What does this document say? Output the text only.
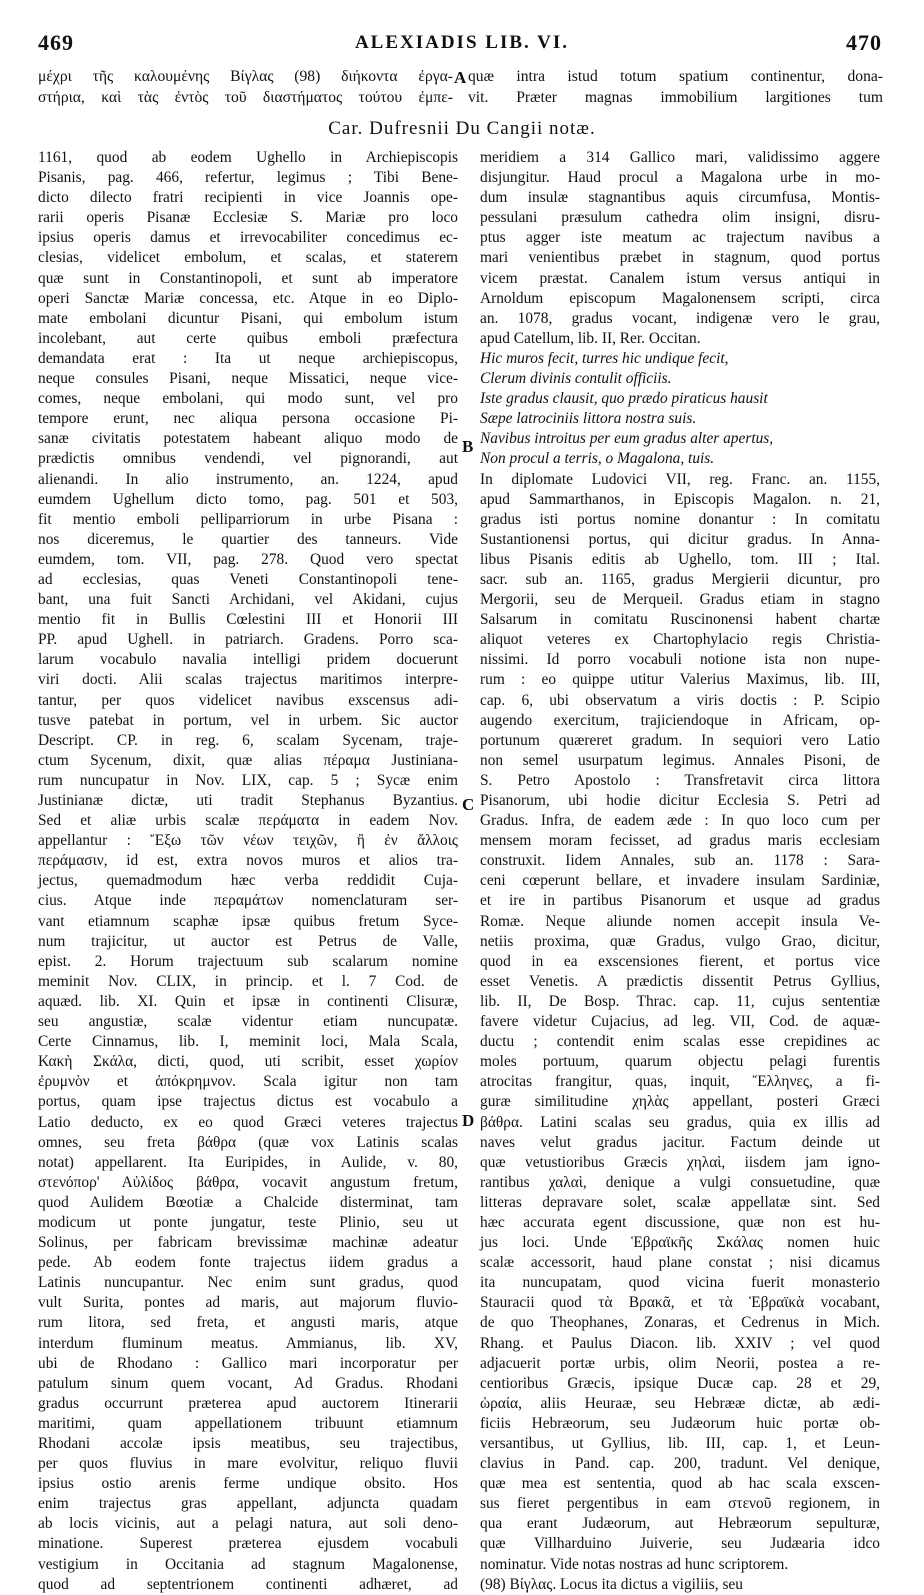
469	ALEXIADIS LIB. VI.	470
μέχρι τῆς καλουμένης Βίγλας (98) διήκοντα ἐργα-
στήρια, καὶ τὰς ἐντὸς τοῦ διαστήματος τούτου ἐμπε-
A quæ intra istud totum spatium continentur, dona-
vit. Præter magnas immobilium largitiones tum
Car. Dufresnii Du Cangii notæ.
1161, quod ab eodem Ughello in Archiepiscopis
Pisanis, pag. 466, refertur, legimus ; Tibi Bene-
dicto dilecto fratri recipienti in vice Joannis ope-
rarii operis Pisanæ Ecclesiæ S. Mariæ pro loco
ipsius operis damus et irrevocabiliter concedimus ec-
clesias, videlicet embolum, et scalas, et staterem
quæ sunt in Constantinopoli, et sunt ab imperatore
operi Sanctæ Mariæ concessa, etc. Atque in eo Diplo-
mate embolani dicuntur Pisani, qui embolum istum
incolebant, aut certe quibus emboli præfectura
demandata erat : Ita ut neque archiepiscopus,
neque consules Pisani, neque Missatici, neque vice-
comes, neque embolani, qui modo sunt, vel pro
tempore erunt, nec aliqua persona occasione Pi-
sanæ civitatis potestatem habeant aliquo modo de
prædictis omnibus vendendi, vel pignorandi, aut
alienandi. In alio instrumento, an. 1224, apud
eumdem Ughellum dicto tomo, pag. 501 et 503,
fit mentio emboli pelliparriorum in urbe Pisana :
nos diceremus, le quartier des tanneurs. Vide
eumdem, tom. VII, pag. 278. Quod vero spectat
ad ecclesias, quas Veneti Constantinopoli tene-
bant, una fuit Sancti Archidani, vel Akidani, cujus
mentio fit in Bullis Cœlestini III et Honorii III
PP. apud Ughell. in patriarch. Gradens. Porro sca-
larum vocabulo navalia intelligi pridem docuerunt
viri docti. Alii scalas trajectus maritimos interpre-
tantur, per quos videlicet navibus exscensus adi-
tusve patebat in portum, vel in urbem. Sic auctor
Descript. CP. in reg. 6, scalam Sycenam, traje-
ctum Sycenum, dixit, quæ alias πέραμα Justiniana-
rum nuncupatur in Nov. LIX, cap. 5 ; Sycæ enim
Justinianæ dictæ, uti tradit Stephanus Byzantius.
Sed et aliæ urbis scalæ περάματα in eadem Nov.
appellantur : Ἔξω τῶν νέων τειχῶν, ἢ ἐν ἄλλοις
περάμασιν, id est, extra novos muros et alios tra-
jectus, quemadmodum hæc verba reddidit Cuja-
cius. Atque inde περαμάτων nomenclaturam ser-
vant etiamnum scaphæ ipsæ quibus fretum Syce-
num trajicitur, ut auctor est Petrus de Valle,
epist. 2. Horum trajectuum sub scalarum nomine
meminit Nov. CLIX, in princip. et l. 7 Cod. de
aquæd. lib. XI. Quin et ipsæ in continenti Clisuræ,
seu angustiæ, scalæ videntur etiam nuncupatæ.
Certe Cinnamus, lib. I, meminit loci, Mala Scala,
Κακὴ Σκάλα, dicti, quod, uti scribit, esset χωρίον
ἐρυμνὸν et ἀπόκρημνον. Scala igitur non tam
portus, quam ipse trajectus dictus est vocabulo a
Latio deducto, ex eo quod Græci veteres trajectus
omnes, seu freta βάθρα (quæ vox Latinis scalas
notat) appellarent. Ita Euripides, in Aulide, v. 80,
στενόπορ' Αὐλίδος βάθρα, vocavit angustum fretum,
quod Aulidem Bœotiæ a Chalcide disterminat, tam
modicum ut ponte jungatur, teste Plinio, seu ut
Solinus, per fabricam brevissimæ machinæ adeatur
pede. Ab eodem fonte trajectus iidem gradus a
Latinis nuncupantur. Nec enim sunt gradus, quod
vult Surita, pontes ad maris, aut majorum fluvio-
rum litora, sed freta, et angusti maris, atque
interdum fluminum meatus. Ammianus, lib. XV,
ubi de Rhodano : Gallico mari incorporatur per
patulum sinum quem vocant, Ad Gradus. Rhodani
gradus occurrunt præterea apud auctorem Itinerarii
maritimi, quam appellationem tribuunt etiamnum
Rhodani accolæ ipsis meatibus, seu trajectibus,
per quos fluvius in mare evolvitur, reliquo fluvii
ipsius ostio arenis ferme undique obsito. Hos
enim trajectus gras appellant, adjuncta quadam
ab locis vicinis, aut a pelagi natura, aut soli deno-
minatione. Superest præterea ejusdem vocabuli
vestigium in Occitania ad stagnum Magalonense,
quod ad septentrionem continenti adhæret, ad
B
C
D
meridiem a 314 Gallico mari, validissimo aggere
disjungitur. Haud procul a Magalona urbe in mo-
dum insulæ stagnantibus aquis circumfusa, Montis-
pessulani præsulum cathedra olim insigni, disru-
ptus agger iste meatum ac trajectum navibus a
mari venientibus præbet in stagnum, quod portus
vicem præstat. Canalem istum versus antiqui in
Arnoldum episcopum Magalonensem scripti, circa
an. 1078, gradus vocant, indigenæ vero le grau,
apud Catellum, lib. II, Rer. Occitan.
Hic muros fecit, turres hic undique fecit,
Clerum divinis contulit officiis.
Iste gradus clausit, quo prædo piraticus hausit
Sæpe latrociniis littora nostra suis.
Navibus introitus per eum gradus alter apertus,
Non procul a terris, o Magalona, tuis.
In diplomate Ludovici VII, reg. Franc. an. 1155,
apud Sammarthanos, in Episcopis Magalon. n. 21,
gradus isti portus nomine donantur : In comitatu
Sustantionensi portus, qui dicitur gradus. In Anna-
libus Pisanis editis ab Ughello, tom. III ; Ital.
sacr. sub an. 1165, gradus Mergierii dicuntur, pro
Mergorii, seu de Merqueil. Gradus etiam in stagno
Salsarum in comitatu Ruscinonensi habent chartæ
aliquot veteres ex Chartophylacio regis Christia-
nissimi. Id porro vocabuli notione ista non nupe-
rum : eo quippe utitur Valerius Maximus, lib. III,
cap. 6, ubi observatum a viris doctis : P. Scipio
augendo exercitum, trajiciendoque in Africam, op-
portunum quæreret gradum. In sequiori vero Latio
non semel usurpatum legimus. Annales Pisoni, de
S. Petro Apostolo : Transfretavit circa littora
Pisanorum, ubi hodie dicitur Ecclesia S. Petri ad
Gradus. Infra, de eadem æde : In quo loco cum per
mensem moram fecisset, ad gradus maris ecclesiam
construxit. Iidem Annales, sub an. 1178 : Sara-
ceni cœperunt bellare, et invadere insulam Sardiniæ,
et ire in partibus Pisanorum et usque ad gradus
Romæ. Neque aliunde nomen accepit insula Ve-
netiis proxima, quæ Gradus, vulgo Grao, dicitur,
quod in ea exscensiones fierent, et portus vice
esset Venetis. A prædictis dissentit Petrus Gyllius,
lib. II, De Bosp. Thrac. cap. 11, cujus sententiæ
favere videtur Cujacius, ad leg. VII, Cod. de aquæ-
ductu ; contendit enim scalas esse crepidines ac
moles portuum, quarum objectu pelagi furentis
atrocitas frangitur, quas, inquit, Ἕλληνες, a fi-
guræ similitudine χηλὰς appellant, posteri Græci
βάθρα. Latini scalas seu gradus, quia ex illis ad
naves velut gradus jacitur. Factum deinde ut
quæ vetustioribus Græcis χηλαὶ, iisdem jam igno-
rantibus χαλαὶ, denique a vulgi consuetudine, quæ
litteras depravare solet, scalæ appellatæ sint. Sed
hæc accurata egent discussione, quæ non est hu-
jus loci. Unde Ἑβραϊκῆς Σκάλας nomen huic
scalæ accessorit, haud plane constat ; nisi dicamus
ita nuncupatam, quod vicina fuerit monasterio
Stauracii quod τὰ Βρακᾶ, et τὰ Ἑβραϊκὰ vocabant,
de quo Theophanes, Zonaras, et Cedrenus in Mich.
Rhang. et Paulus Diacon. lib. XXIV ; vel quod
adjacuerit portæ urbis, olim Neorii, postea a re-
centioribus Græcis, ipsique Ducæ cap. 28 et 29,
ὡραία, aliis Heuraæ, seu Hebrææ dictæ, ab ædi-
ficiis Hebræorum, seu Judæorum huic portæ ob-
versantibus, ut Gyllius, lib. III, cap. 1, et Leun-
clavius in Pand. cap. 200, tradunt. Vel denique,
quæ mea est sententia, quod ab hac scala exscen-
sus fieret pergentibus in eam στενοῦ regionem, in
qua erant Judæorum, aut Hebræorum sepulturæ,
quæ Villharduino Juiverie, seu Judæaria idco
nominatur. Vide notas nostras ad hunc scriptorem.
(98) Βίγλας. Locus ita dictus a vigiliis, seu
